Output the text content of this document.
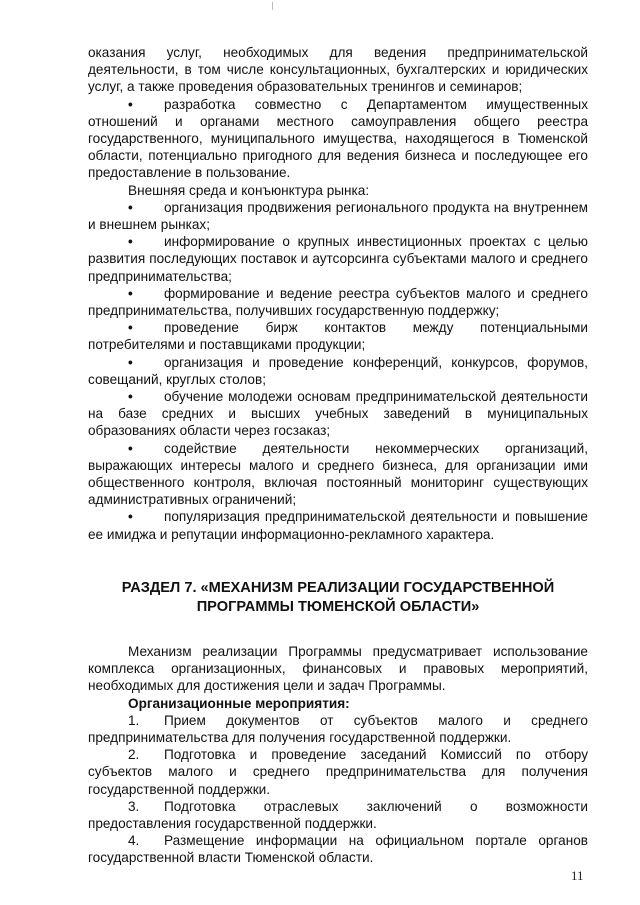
оказания услуг, необходимых для ведения предпринимательской деятельности, в том числе консультационных, бухгалтерских и юридических услуг, а также проведения образовательных тренингов и семинаров;

• разработка совместно с Департаментом имущественных отношений и органами местного самоуправления общего реестра государственного, муниципального имущества, находящегося в Тюменской области, потенциально пригодного для ведения бизнеса и последующее его предоставление в пользование.

Внешняя среда и конъюнктура рынка:

• организация продвижения регионального продукта на внутреннем и внешнем рынках;

• информирование о крупных инвестиционных проектах с целью развития последующих поставок и аутсорсинга субъектами малого и среднего предпринимательства;

• формирование и ведение реестра субъектов малого и среднего предпринимательства, получивших государственную поддержку;

• проведение бирж контактов между потенциальными потребителями и поставщиками продукции;

• организация и проведение конференций, конкурсов, форумов, совещаний, круглых столов;

• обучение молодежи основам предпринимательской деятельности на базе средних и высших учебных заведений в муниципальных образованиях области через госзаказ;

• содействие деятельности некоммерческих организаций, выражающих интересы малого и среднего бизнеса, для организации ими общественного контроля, включая постоянный мониторинг существующих административных ограничений;

• популяризация предпринимательской деятельности и повышение ее имиджа и репутации информационно-рекламного характера.

РАЗДЕЛ 7. «МЕХАНИЗМ РЕАЛИЗАЦИИ ГОСУДАРСТВЕННОЙ
ПРОГРАММЫ ТЮМЕНСКОЙ ОБЛАСТИ»

Механизм реализации Программы предусматривает использование комплекса организационных, финансовых и правовых мероприятий, необходимых для достижения цели и задач Программы.

Организационные мероприятия:

1. Прием документов от субъектов малого и среднего предпринимательства для получения государственной поддержки.

2. Подготовка и проведение заседаний Комиссий по отбору субъектов малого и среднего предпринимательства для получения государственной поддержки.

3. Подготовка отраслевых заключений о возможности предоставления государственной поддержки.

4. Размещение информации на официальном портале органов государственной власти Тюменской области.

11
